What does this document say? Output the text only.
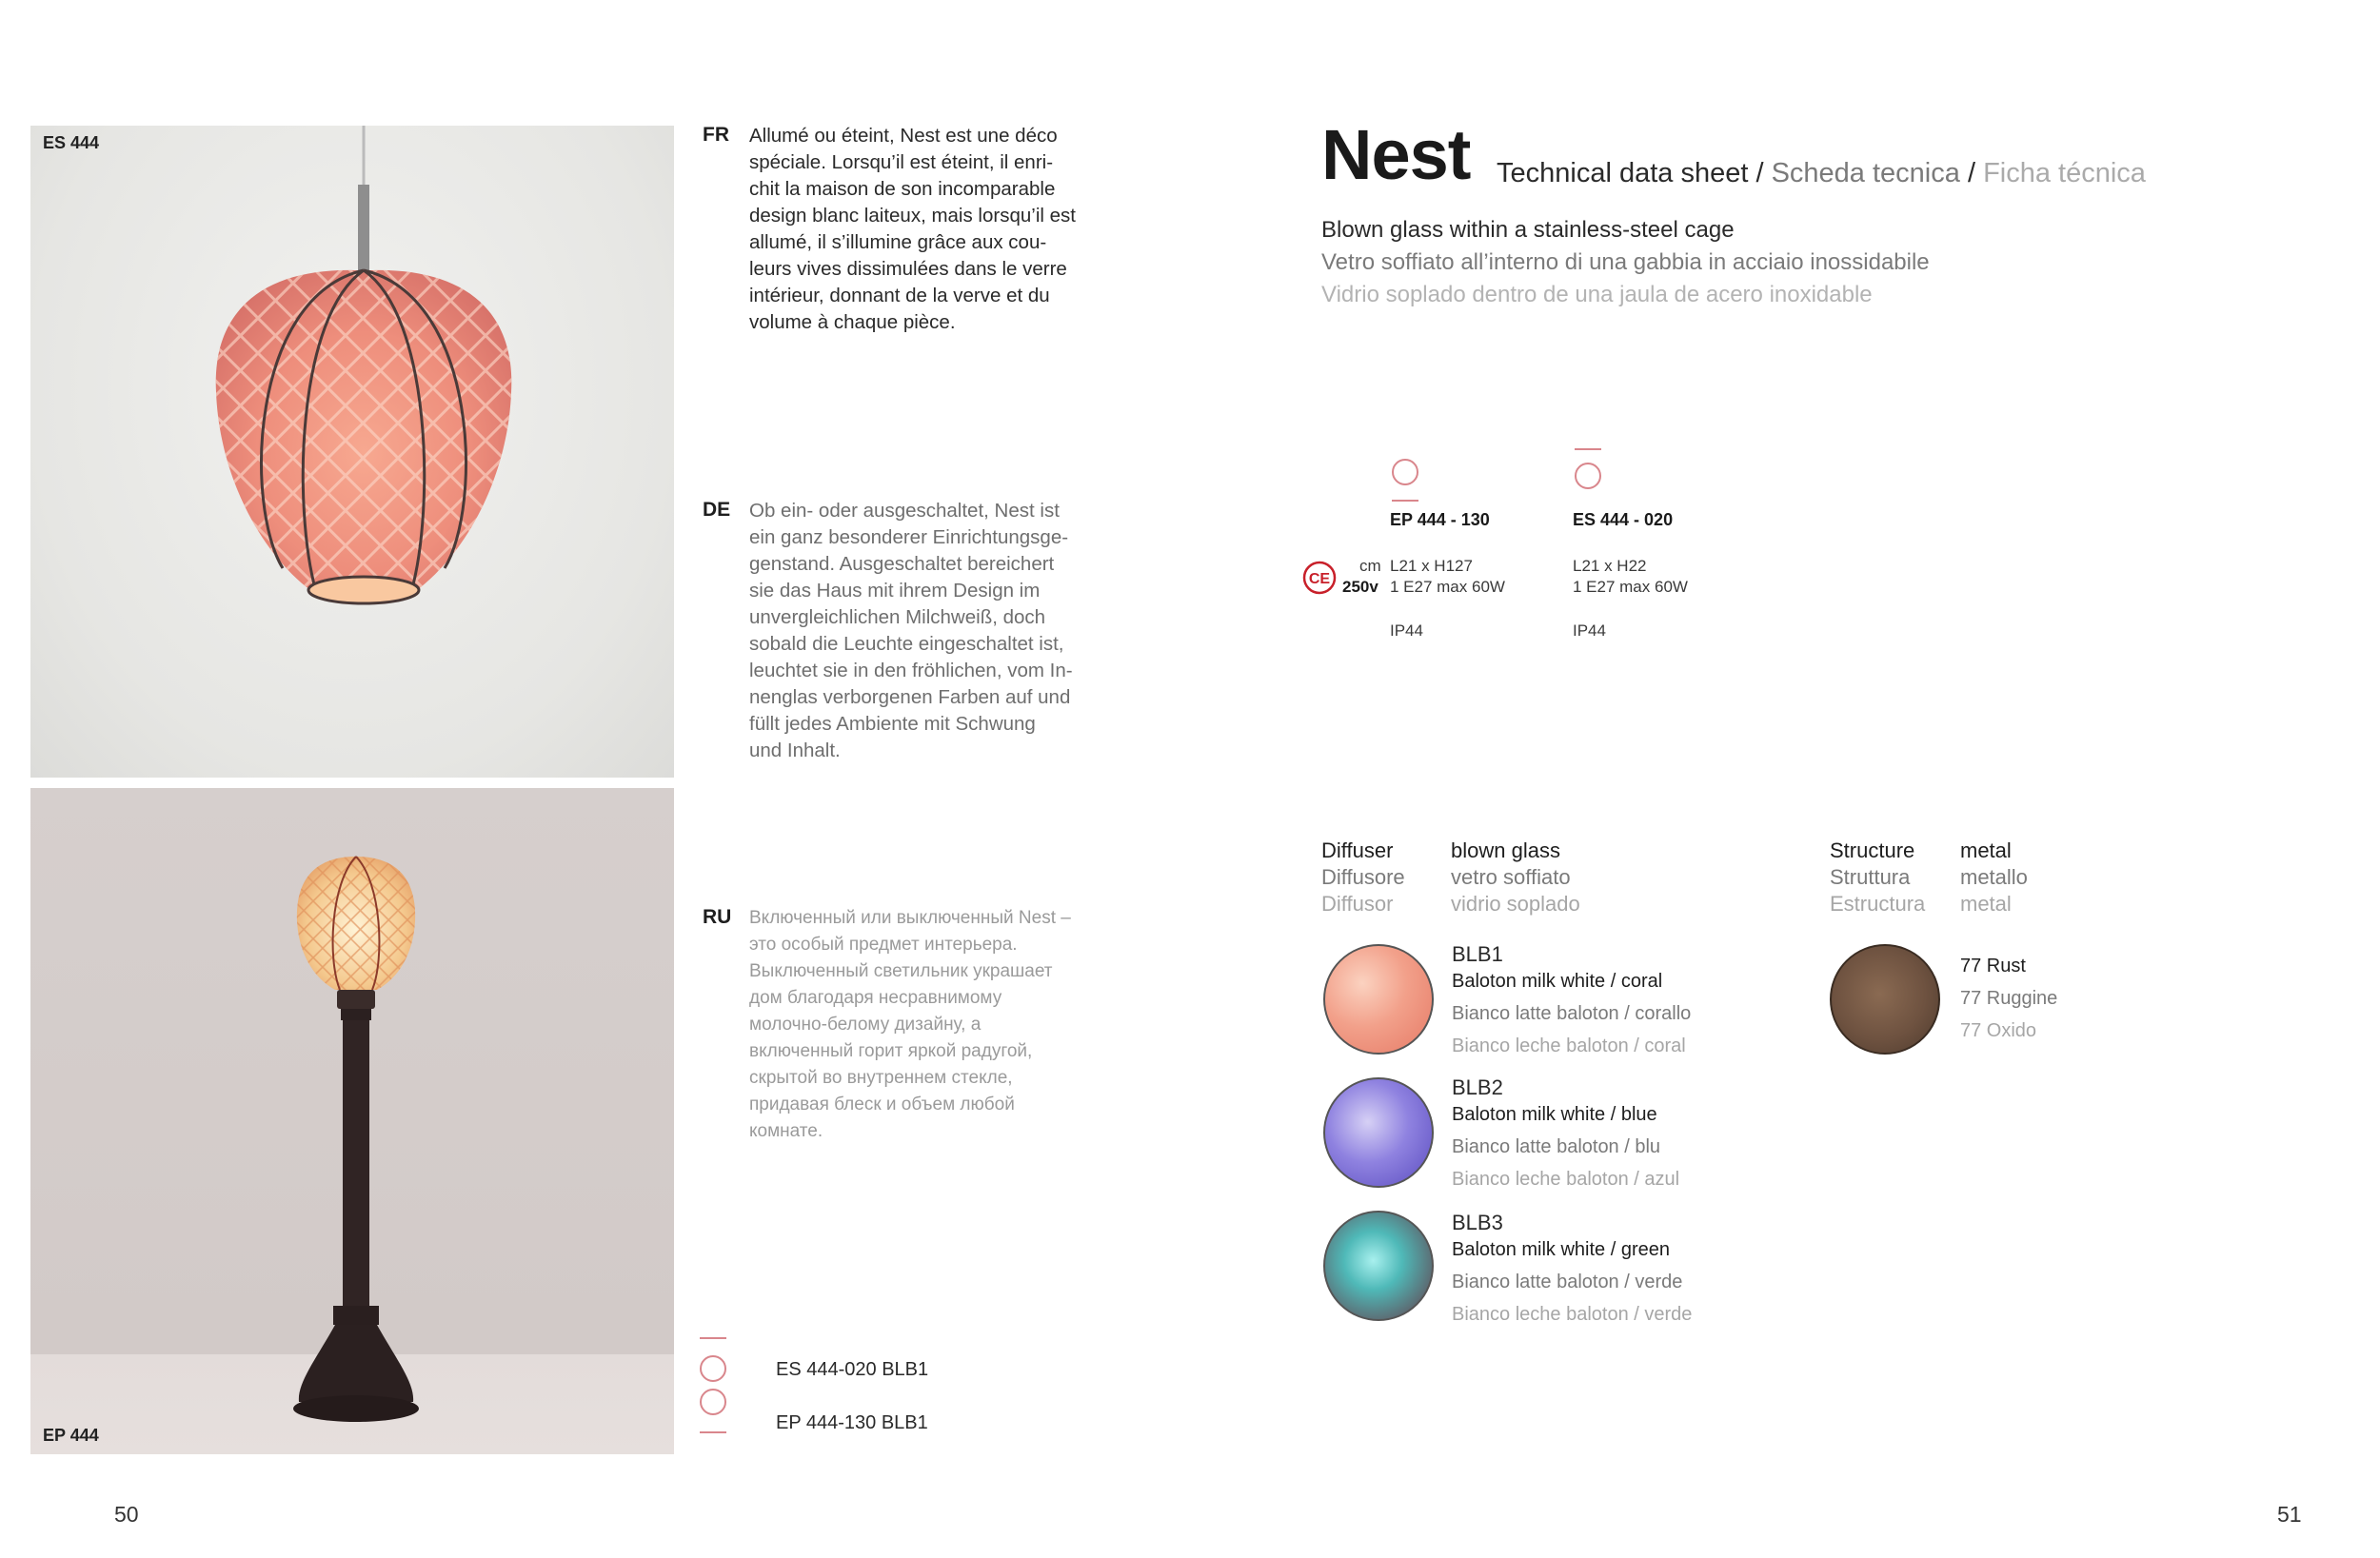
ES 444
EP 444
FR Allumé ou éteint, Nest est une déco
spéciale. Lorsqu’il est éteint, il enri-
chit la maison de son incomparable
design blanc laiteux, mais lorsqu’il est
allumé, il s’illumine grâce aux cou-
leurs vives dissimulées dans le verre
intérieur, donnant de la verve et du
volume à chaque pièce.
DE Ob ein- oder ausgeschaltet, Nest ist
ein ganz besonderer Einrichtungsge-
genstand. Ausgeschaltet bereichert
sie das Haus mit ihrem Design im
unvergleichlichen Milchweiß, doch
sobald die Leuchte eingeschaltet ist,
leuchtet sie in den fröhlichen, vom In-
nenglas verborgenen Farben auf und
füllt jedes Ambiente mit Schwung
und Inhalt.
RU Включенный или выключенный Nest –
это особый предмет интерьера.
Выключенный светильник украшает
дом благодаря несравнимому
молочно-белому дизайну, а
включенный горит яркой радугой,
скрытой во внутреннем стекле,
придавая блеск и объем любой
комнате.
ES 444-020 BLB1
EP 444-130 BLB1
50
Nest Technical data sheet / Scheda tecnica / Ficha técnica
Blown glass within a stainless-steel cage
Vetro soffiato all’interno di una gabbia in acciaio inossidabile
Vidrio soplado dentro de una jaula de acero inoxidable
CE
cm
250v
EP 444 - 130
L21 x H127
1 E27 max 60W
IP44
ES 444 - 020
L21 x H22
1 E27 max 60W
IP44
Diffuser
Diffusore
Diffusor
blown glass
vetro soffiato
vidrio soplado
Structure
Struttura
Estructura
metal
metallo
metal
BLB1
Baloton milk white / coral
Bianco latte baloton / corallo
Bianco leche baloton / coral
BLB2
Baloton milk white / blue
Bianco latte baloton / blu
Bianco leche baloton / azul
BLB3
Baloton milk white / green
Bianco latte baloton / verde
Bianco leche baloton / verde
77 Rust
77 Ruggine
77 Oxido
51
